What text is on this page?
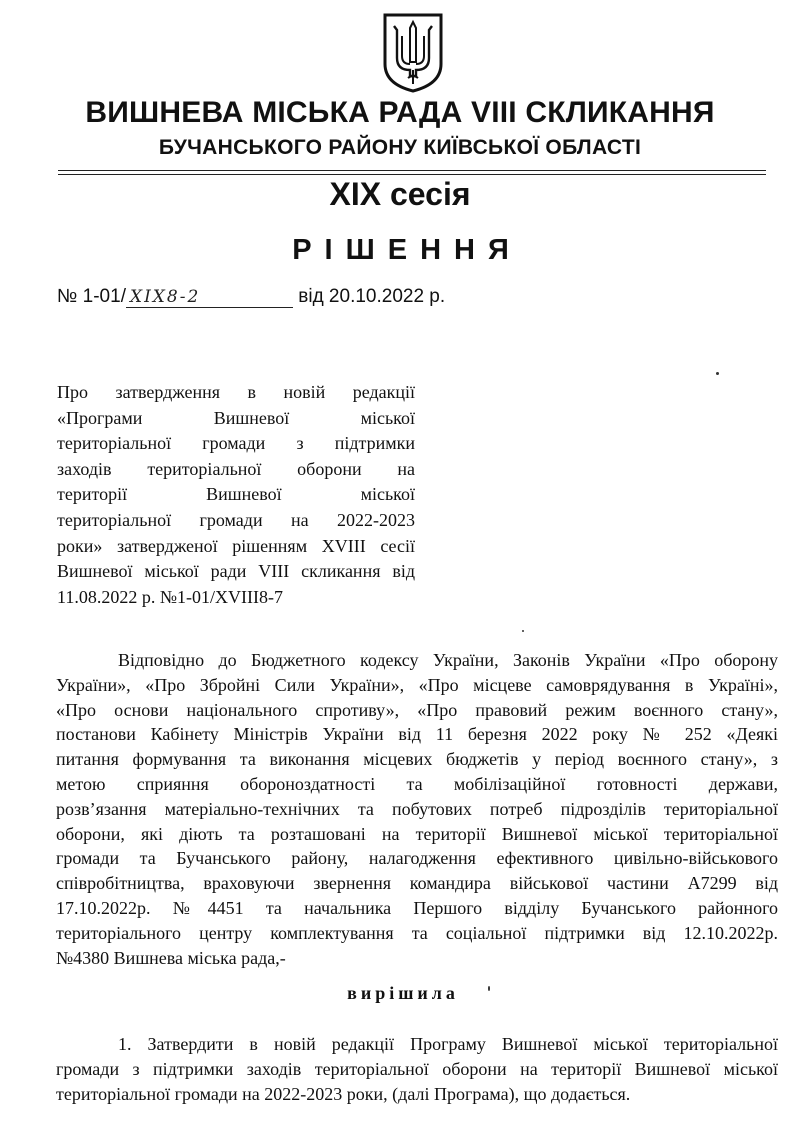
ВИШНЕВА МІСЬКА РАДА VIII СКЛИКАННЯ
БУЧАНСЬКОГО РАЙОНУ КИЇВСЬКОЇ ОБЛАСТІ
XIX сесія
РІШЕННЯ
№ 1-01/ XIX8-2	від 20.10.2022 р.
Про затвердження в новій редакції
«Програми Вишневої міської
територіальної громади з підтримки
заходів територіальної оборони на
території Вишневої міської
територіальної громади на 2022-2023
роки» затвердженої рішенням XVIII сесії
Вишневої міської ради VIII скликання від
11.08.2022 р. №1-01/XVIII8-7
Відповідно до Бюджетного кодексу України, Законів України «Про оборону
України», «Про Збройні Сили України», «Про місцеве самоврядування в Україні»,
«Про основи національного спротиву», «Про правовий режим воєнного стану»,
постанови Кабінету Міністрів України від 11 березня 2022 року № 252 «Деякі
питання формування та виконання місцевих бюджетів у період воєнного стану», з
метою сприяння обороноздатності та мобілізаційної готовності держави,
розв’язання матеріально-технічних та побутових потреб підрозділів територіальної
оборони, які діють та розташовані на території Вишневої міської територіальної
громади та Бучанського району, налагодження ефективного цивільно-військового
співробітництва, враховуючи звернення командира військової частини А7299 від
17.10.2022р. №4451 та начальника Першого відділу Бучанського районного
територіального центру комплектування та соціальної підтримки від 12.10.2022р.
№4380 Вишнева міська рада,-
вирішила
1. Затвердити в новій редакції Програму Вишневої міської територіальної
громади з підтримки заходів територіальної оборони на території Вишневої міської
територіальної громади на 2022-2023 роки, (далі Програма), що додається.
